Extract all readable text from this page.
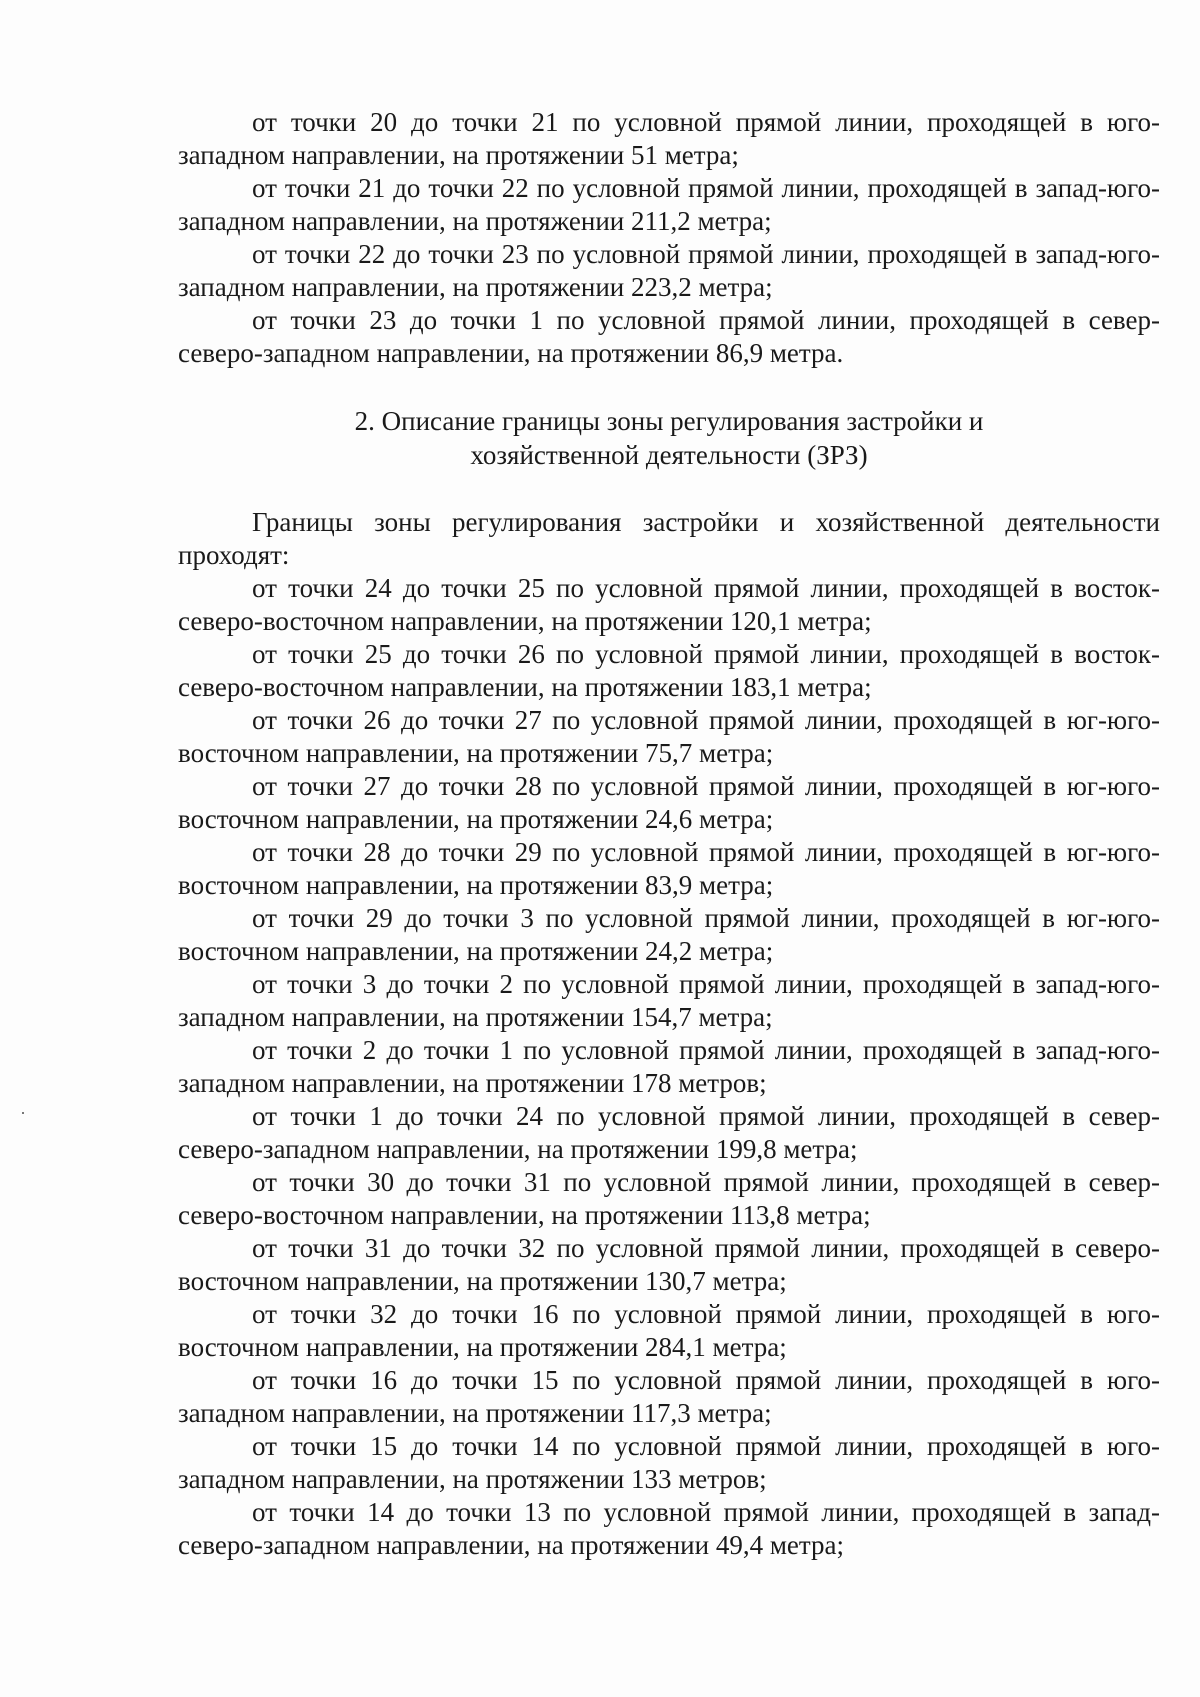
от точки 20 до точки 21 по условной прямой линии, проходящей в юго-западном направлении, на протяжении 51 метра;

от точки 21 до точки 22 по условной прямой линии, проходящей в запад-юго-западном направлении, на протяжении 211,2 метра;

от точки 22 до точки 23 по условной прямой линии, проходящей в запад-юго-западном направлении, на протяжении 223,2 метра;

от точки 23 до точки 1 по условной прямой линии, проходящей в север-северо-западном направлении, на протяжении 86,9 метра.

2. Описание границы зоны регулирования застройки и
хозяйственной деятельности (ЗРЗ)

Границы зоны регулирования застройки и хозяйственной деятельности проходят:

от точки 24 до точки 25 по условной прямой линии, проходящей в восток-северо-восточном направлении, на протяжении 120,1 метра;

от точки 25 до точки 26 по условной прямой линии, проходящей в восток-северо-восточном направлении, на протяжении 183,1 метра;

от точки 26 до точки 27 по условной прямой линии, проходящей в юг-юго-восточном направлении, на протяжении 75,7 метра;

от точки 27 до точки 28 по условной прямой линии, проходящей в юг-юго-восточном направлении, на протяжении 24,6 метра;

от точки 28 до точки 29 по условной прямой линии, проходящей в юг-юго-восточном направлении, на протяжении 83,9 метра;

от точки 29 до точки 3 по условной прямой линии, проходящей в юг-юго-восточном направлении, на протяжении 24,2 метра;

от точки 3 до точки 2 по условной прямой линии, проходящей в запад-юго-западном направлении, на протяжении 154,7 метра;

от точки 2 до точки 1 по условной прямой линии, проходящей в запад-юго-западном направлении, на протяжении 178 метров;

от точки 1 до точки 24 по условной прямой линии, проходящей в север-северо-западном направлении, на протяжении 199,8 метра;

от точки 30 до точки 31 по условной прямой линии, проходящей в север-северо-восточном направлении, на протяжении 113,8 метра;

от точки 31 до точки 32 по условной прямой линии, проходящей в северо-восточном направлении, на протяжении 130,7 метра;

от точки 32 до точки 16 по условной прямой линии, проходящей в юго-восточном направлении, на протяжении 284,1 метра;

от точки 16 до точки 15 по условной прямой линии, проходящей в юго-западном направлении, на протяжении 117,3 метра;

от точки 15 до точки 14 по условной прямой линии, проходящей в юго-западном направлении, на протяжении 133 метров;

от точки 14 до точки 13 по условной прямой линии, проходящей в запад-северо-западном направлении, на протяжении 49,4 метра;
